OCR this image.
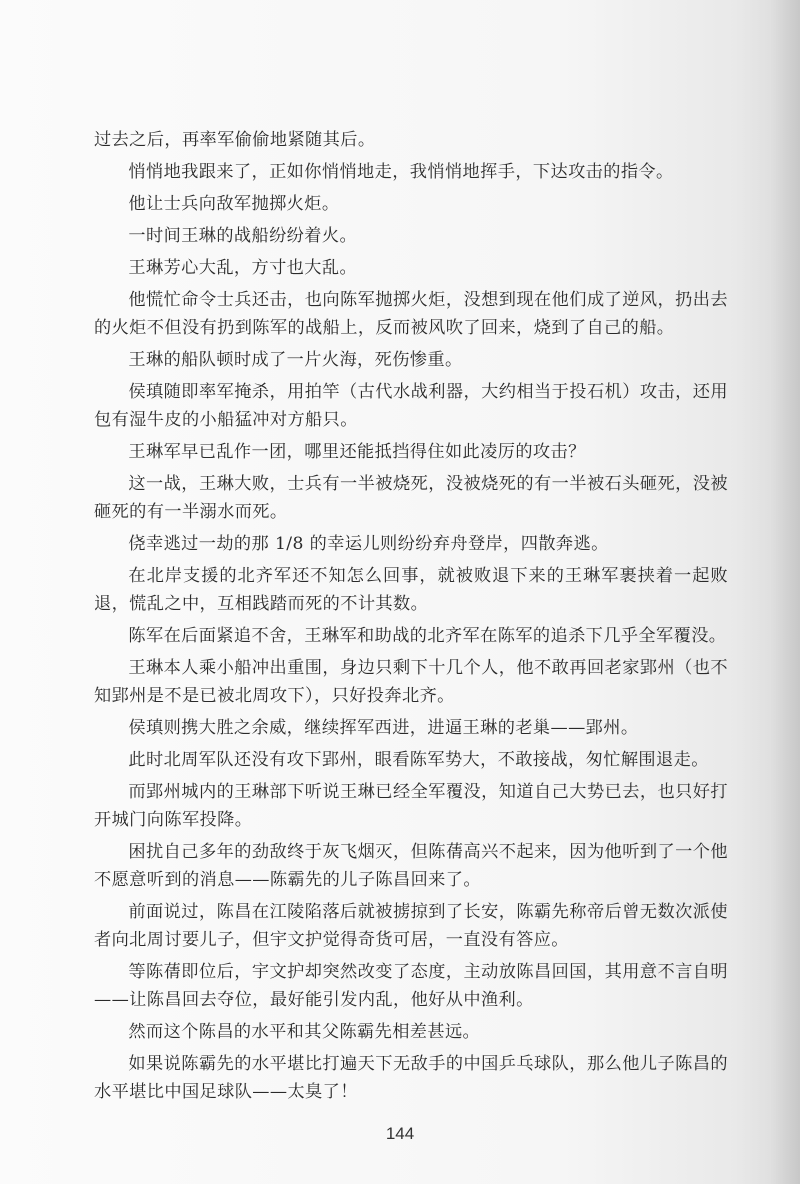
过去之后，再率军偷偷地紧随其后。

悄悄地我跟来了，正如你悄悄地走，我悄悄地挥手，下达攻击的指令。

他让士兵向敌军抛掷火炬。

一时间王琳的战船纷纷着火。

王琳芳心大乱，方寸也大乱。

他慌忙命令士兵还击，也向陈军抛掷火炬，没想到现在他们成了逆风，扔出去的火炬不但没有扔到陈军的战船上，反而被风吹了回来，烧到了自己的船。

王琳的船队顿时成了一片火海，死伤惨重。

侯瑱随即率军掩杀，用拍竿（古代水战利器，大约相当于投石机）攻击，还用包有湿牛皮的小船猛冲对方船只。

王琳军早已乱作一团，哪里还能抵挡得住如此凌厉的攻击？

这一战，王琳大败，士兵有一半被烧死，没被烧死的有一半被石头砸死，没被砸死的有一半溺水而死。

侥幸逃过一劫的那 1/8 的幸运儿则纷纷弃舟登岸，四散奔逃。

在北岸支援的北齐军还不知怎么回事，就被败退下来的王琳军裹挟着一起败退，慌乱之中，互相践踏而死的不计其数。

陈军在后面紧追不舍，王琳军和助战的北齐军在陈军的追杀下几乎全军覆没。

王琳本人乘小船冲出重围，身边只剩下十几个人，他不敢再回老家郢州（也不知郢州是不是已被北周攻下），只好投奔北齐。

侯瑱则携大胜之余威，继续挥军西进，进逼王琳的老巢——郢州。

此时北周军队还没有攻下郢州，眼看陈军势大，不敢接战，匆忙解围退走。

而郢州城内的王琳部下听说王琳已经全军覆没，知道自己大势已去，也只好打开城门向陈军投降。

困扰自己多年的劲敌终于灰飞烟灭，但陈蒨高兴不起来，因为他听到了一个他不愿意听到的消息——陈霸先的儿子陈昌回来了。

前面说过，陈昌在江陵陷落后就被掳掠到了长安，陈霸先称帝后曾无数次派使者向北周讨要儿子，但宇文护觉得奇货可居，一直没有答应。

等陈蒨即位后，宇文护却突然改变了态度，主动放陈昌回国，其用意不言自明——让陈昌回去夺位，最好能引发内乱，他好从中渔利。

然而这个陈昌的水平和其父陈霸先相差甚远。

如果说陈霸先的水平堪比打遍天下无敌手的中国乒乓球队，那么他儿子陈昌的水平堪比中国足球队——太臭了！

144
